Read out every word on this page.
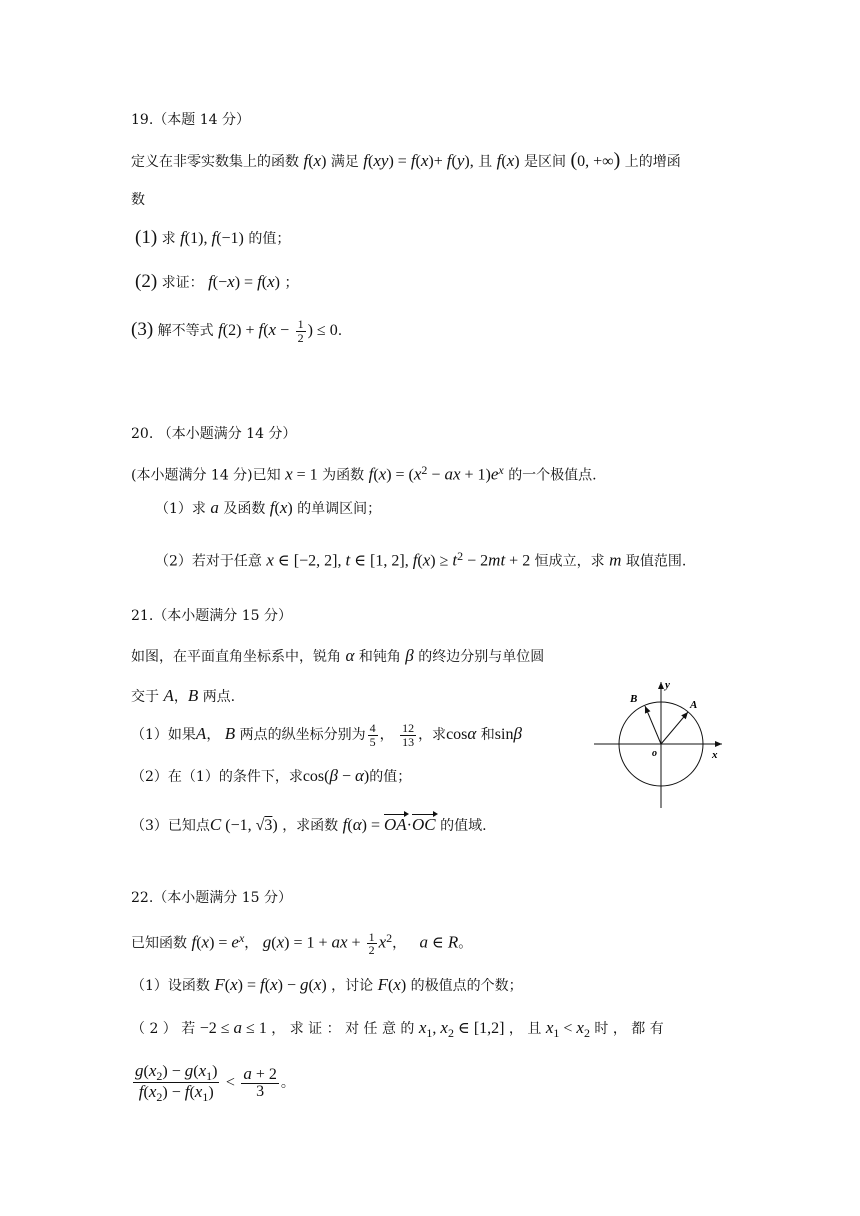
19.（本题 14 分）
定义在非零实数集上的函数 f(x) 满足 f(xy) = f(x)+ f(y), 且 f(x) 是区间 (0, +∞) 上的增函
数
(1) 求 f(1), f(−1) 的值；
(2) 求证： f(−x) = f(x) ；
(3) 解不等式 $f(2) + f(x - \frac{1}{2}$ ) ≤ 0.
20. （本小题满分 14 分）
(本小题满分 14 分)已知 x = 1 为函数 $f(x) = (x^2$ − ax + $1)e^x$ 的一个极值点.
（1）求 a 及函数 f(x) 的单调区间；
（2）若对于任意 x ∈ [−2, 2], t ∈ [1, 2], $f(x) \ge t^2 - 2mt + 2$ 恒成立，求 m 取值范围.
21.（本小题满分 15 分）
如图，在平面直角坐标系中，锐角 α 和钝角 β 的终边分别与单位圆
交于 A，B 两点.
（1）如果A， B 两点的纵坐标分别为 $\frac{4}{5}$ ， $\frac{12}{13}$ ，求cosα 和sinβ
（2）在（1）的条件下，求cos(β − α)的值；
（3）已知点C (−1, √3) ，求函数 f(α) = OA·OC 的值域.
y
x
o
A
B
22.（本小题满分 15 分）
已知函数 $f(x) = e^x$， g(x) = 1 + ax + $\frac{1}{2} x^2$， a ∈ R。
（1）设函数 F(x) = f(x) − g(x) ，讨论 F(x) 的极值点的个数；
（ 2 ） 若 −2 ≤ a ≤ 1 ， 求 证 ： 对 任 意 的 $x_1$, $x_2$ ∈ [1,2] ， 且 $x_1 < x_2$ 时 ， 都 有
$\frac{g(x_2) - g(x_1)}{f(x_2) - f(x_1)} < \frac{a + 2}{3}$ 。
